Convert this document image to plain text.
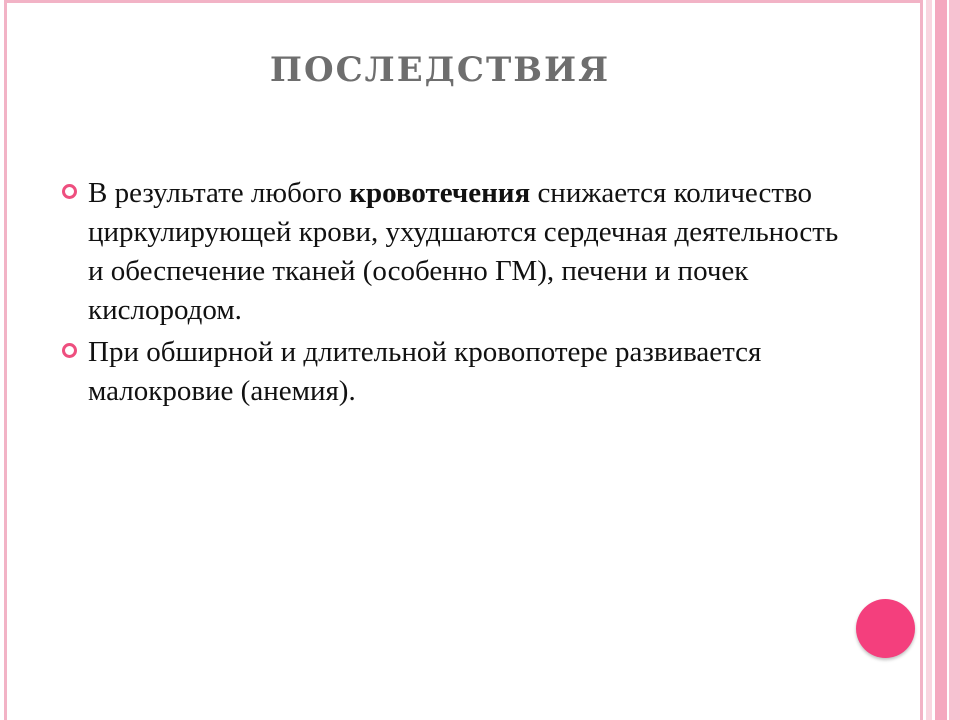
ПОСЛЕДСТВИЯ
В результате любого кровотечения снижается количество циркулирующей крови, ухудшаются сердечная деятельность и обеспечение тканей (особенно ГМ), печени и почек кислородом.
При обширной и длительной кровопотере развивается малокровие (анемия).
